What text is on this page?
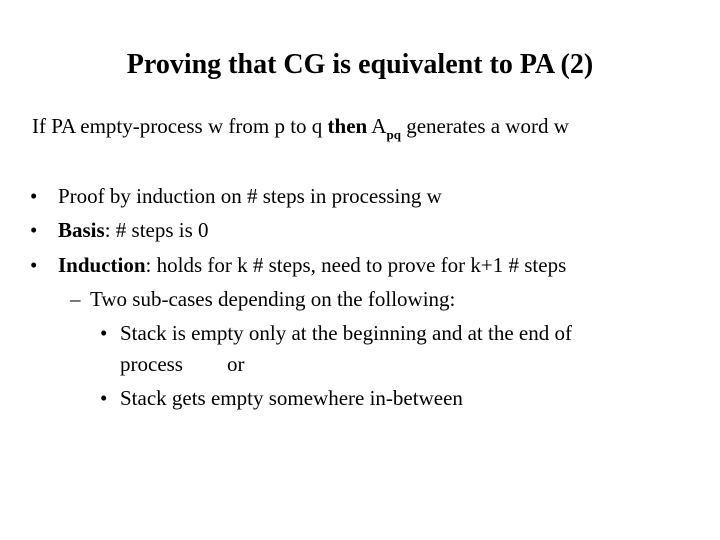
Proving that CG is equivalent to PA (2)
If PA empty-process w from p to q then $A_{pq}$ generates a word w
• Proof by induction on # steps in processing w
• Basis: # steps is 0
• Induction: holds for k # steps, need to prove for k+1 # steps
– Two sub-cases depending on the following:
• Stack is empty only at the beginning and at the end of
process or
• Stack gets empty somewhere in-between
